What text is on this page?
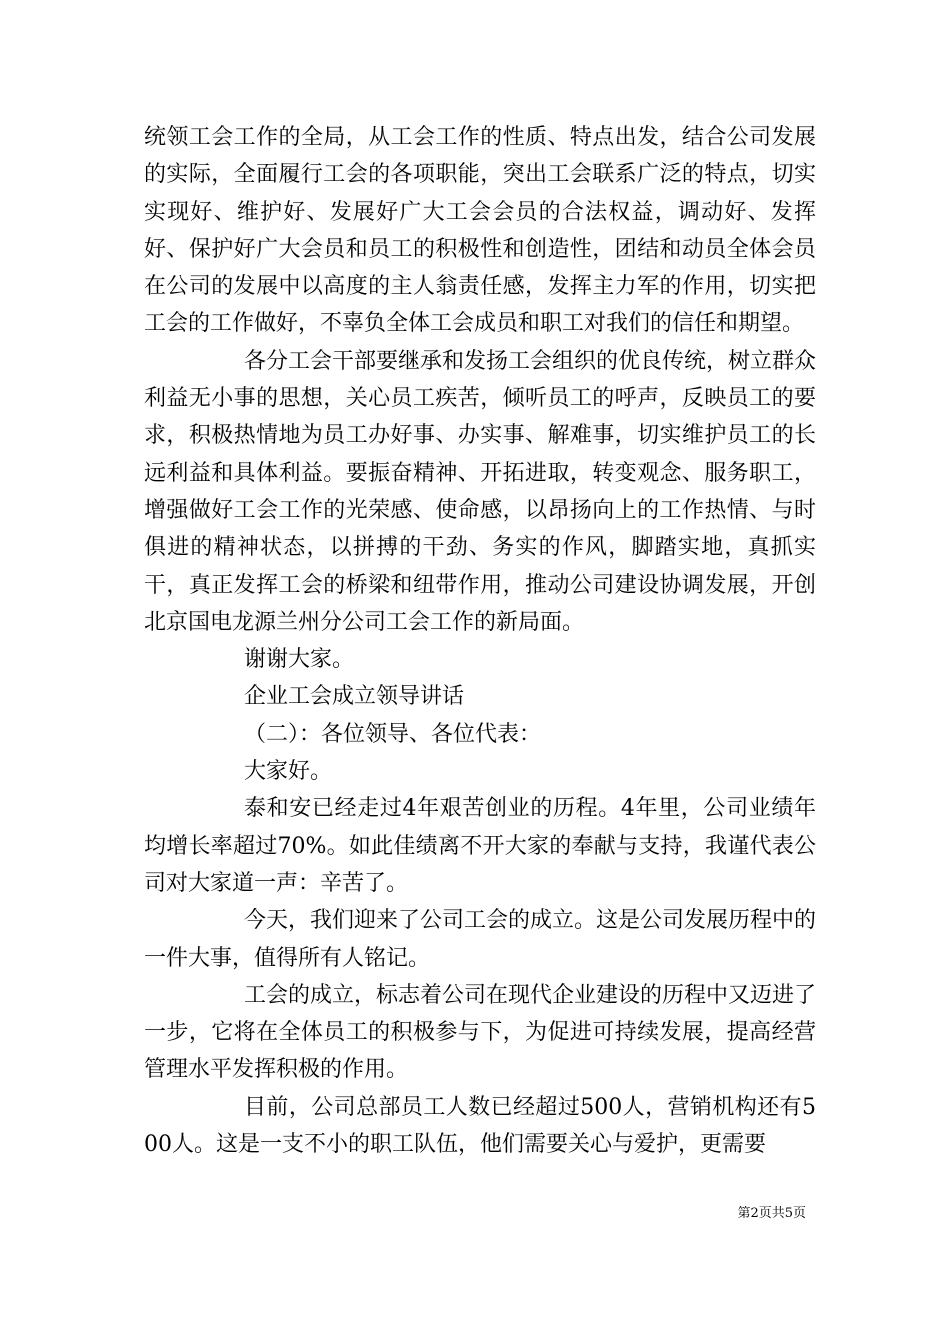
统领工会工作的全局，从工会工作的性质、特点出发，结合公司发展的实际，全面履行工会的各项职能，突出工会联系广泛的特点，切实实现好、维护好、发展好广大工会会员的合法权益，调动好、发挥好、保护好广大会员和员工的积极性和创造性，团结和动员全体会员在公司的发展中以高度的主人翁责任感，发挥主力军的作用，切实把工会的工作做好，不辜负全体工会成员和职工对我们的信任和期望。

各分工会干部要继承和发扬工会组织的优良传统，树立群众利益无小事的思想，关心员工疾苦，倾听员工的呼声，反映员工的要求，积极热情地为员工办好事、办实事、解难事，切实维护员工的长远利益和具体利益。要振奋精神、开拓进取，转变观念、服务职工，增强做好工会工作的光荣感、使命感，以昂扬向上的工作热情、与时俱进的精神状态，以拼搏的干劲、务实的作风，脚踏实地，真抓实干，真正发挥工会的桥梁和纽带作用，推动公司建设协调发展，开创北京国电龙源兰州分公司工会工作的新局面。

谢谢大家。

企业工会成立领导讲话

（二）：各位领导、各位代表：

大家好。

泰和安已经走过4年艰苦创业的历程。4年里，公司业绩年均增长率超过70%。如此佳绩离不开大家的奉献与支持，我谨代表公司对大家道一声：辛苦了。

今天，我们迎来了公司工会的成立。这是公司发展历程中的一件大事，值得所有人铭记。

工会的成立，标志着公司在现代企业建设的历程中又迈进了一步，它将在全体员工的积极参与下，为促进可持续发展，提高经营管理水平发挥积极的作用。

目前，公司总部员工人数已经超过500人，营销机构还有500人。这是一支不小的职工队伍，他们需要关心与爱护，更需要

第2页共5页
